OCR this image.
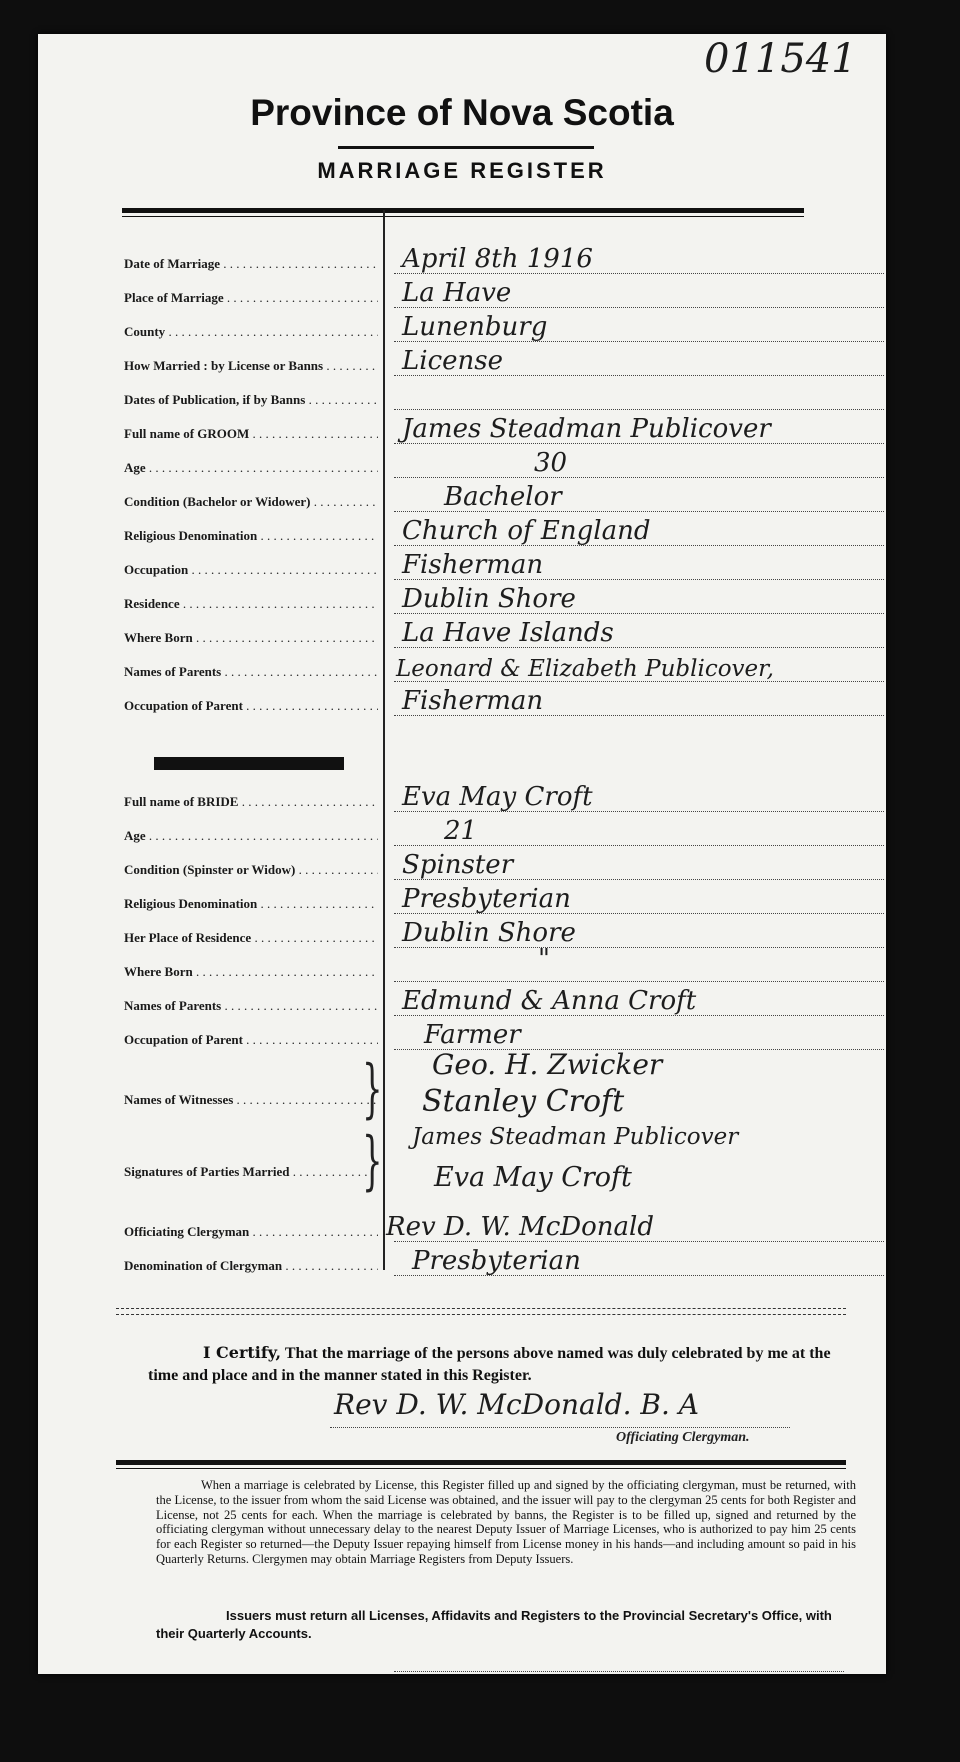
011541
Province of Nova Scotia
MARRIAGE REGISTER
Date of Marriage . . .	April 8th 1916
Place of Marriage . . .	La Have
County . . .	Lunenburg
How Married : by License or Banns . . .	License
Dates of Publication, if by Banns . . .
Full name of GROOM . . .	James Steadman Publicover
Age . . .	30
Condition (Bachelor or Widower) . . .	Bachelor
Religious Denomination . . .	Church of England
Occupation . . .	Fisherman
Residence . . .	Dublin Shore
Where Born . . .	La Have Islands
Names of Parents . . .	Leonard & Elizabeth Publicover,
Occupation of Parent . . .	Fisherman
Full name of BRIDE . . .	Eva May Croft
Age . . .	21
Condition (Spinster or Widow) . . .	Spinster
Religious Denomination . . .	Presbyterian
Her Place of Residence . . .	Dublin Shore
Where Born . . .	"
Names of Parents . . .	Edmund & Anna Croft
Occupation of Parent . . .	Farmer
Names of Witnesses . . .	} Geo. H. Zwicker
Stanley Croft
Signatures of Parties Married . . .	} James Steadman Publicover
Eva May Croft
Officiating Clergyman . . .	Rev D. W. McDonald
Denomination of Clergyman . . .	Presbyterian
I Certify, That the marriage of the persons above named was duly celebrated by me at the time and place and in the manner stated in this Register.
Rev D. W. McDonald. B. A
Officiating Clergyman.
When a marriage is celebrated by License, this Register filled up and signed by the officiating clergyman, must be returned, with the License, to the issuer from whom the said License was obtained, and the issuer will pay to the clergyman 25 cents for both Register and License, not 25 cents for each. When the marriage is celebrated by banns, the Register is to be filled up, signed and returned by the officiating clergyman without unnecessary delay to the nearest Deputy Issuer of Marriage Licenses, who is authorized to pay him 25 cents for each Register so returned—the Deputy Issuer repaying himself from License money in his hands—and including amount so paid in his Quarterly Returns. Clergymen may obtain Marriage Registers from Deputy Issuers.
Issuers must return all Licenses, Affidavits and Registers to the Provincial Secretary's Office, with their Quarterly Accounts.
